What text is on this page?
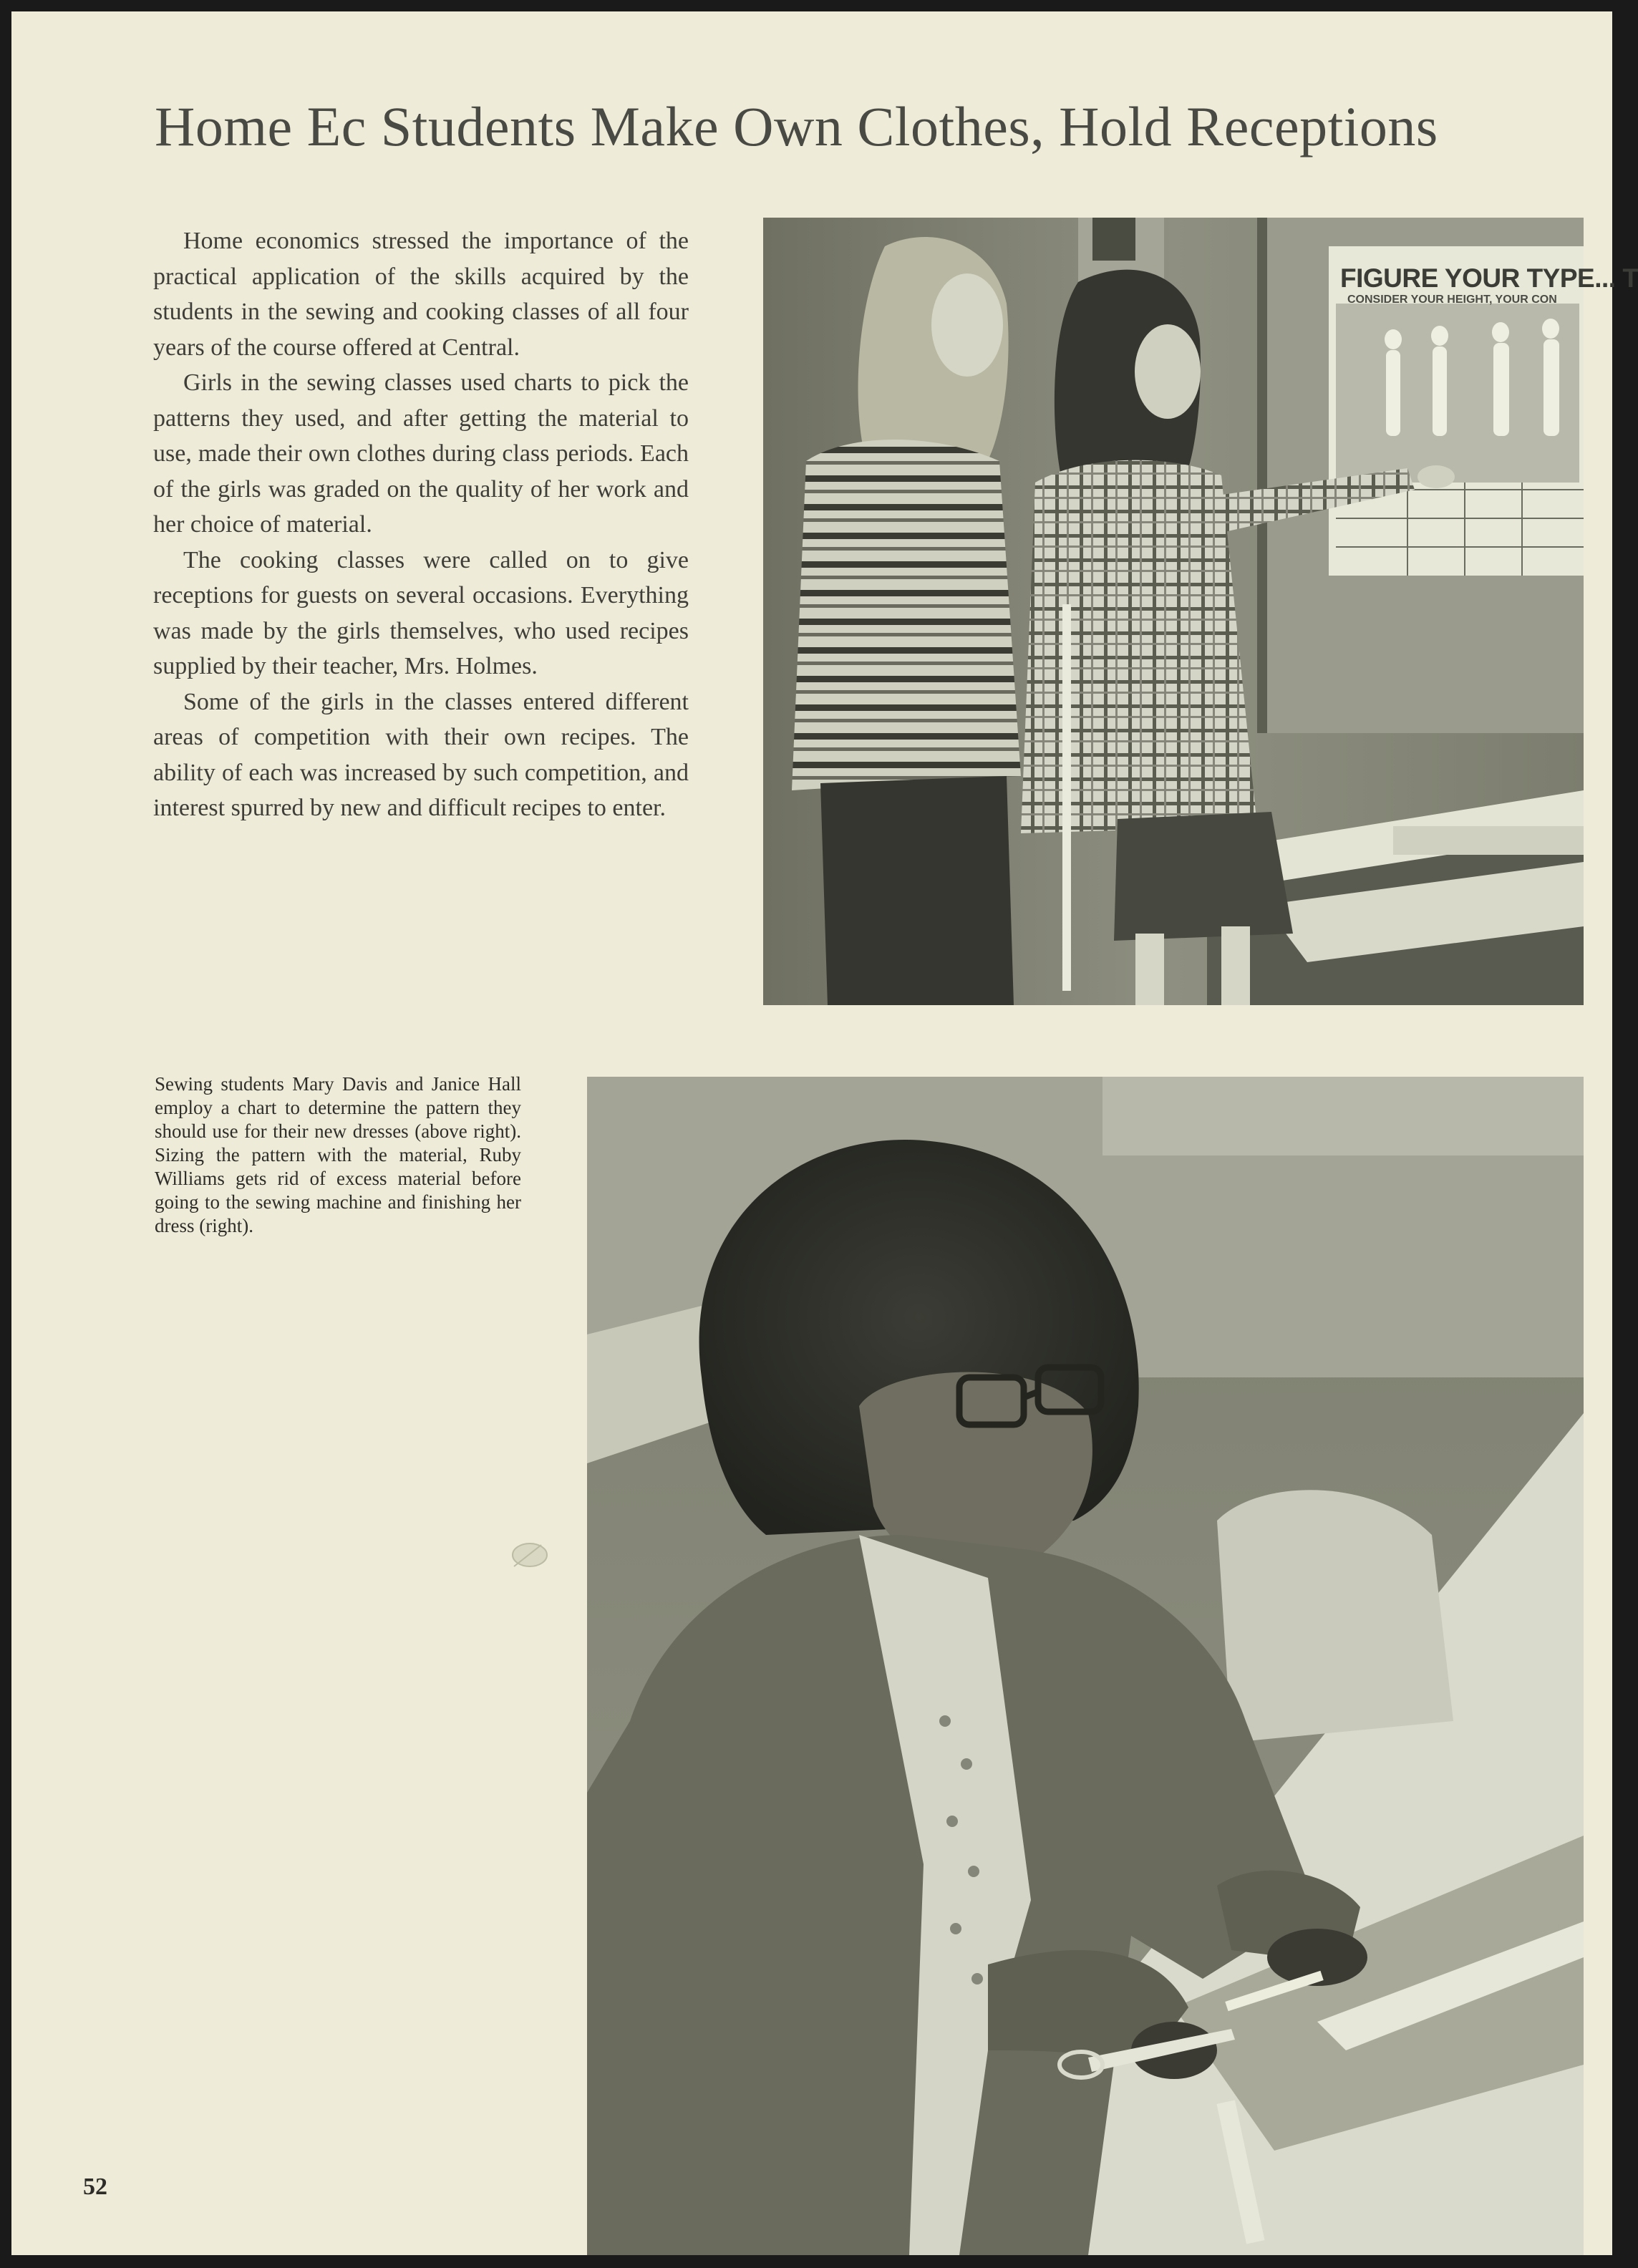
Home Ec Students Make Own Clothes, Hold Receptions

Home economics stressed the importance of the practical application of the skills acquired by the students in the sewing and cooking classes of all four years of the course offered at Central.

Girls in the sewing classes used charts to pick the patterns they used, and after getting the material to use, made their own clothes during class periods. Each of the girls was graded on the quality of her work and her choice of material.

The cooking classes were called on to give receptions for guests on several occasions. Everything was made by the girls themselves, who used recipes supplied by their teacher, Mrs. Holmes.

Some of the girls in the classes entered different areas of competition with their own recipes. The ability of each was increased by such competition, and interest spurred by new and difficult recipes to enter.

FIGURE YOUR TYPE... T
CONSIDER YOUR HEIGHT, YOUR CON
Sewing students Mary Davis and Janice Hall employ a chart to determine the pattern they should use for their new dresses (above right). Sizing the pattern with the material, Ruby Williams gets rid of excess material before going to the sewing machine and finishing her dress (right).
52
